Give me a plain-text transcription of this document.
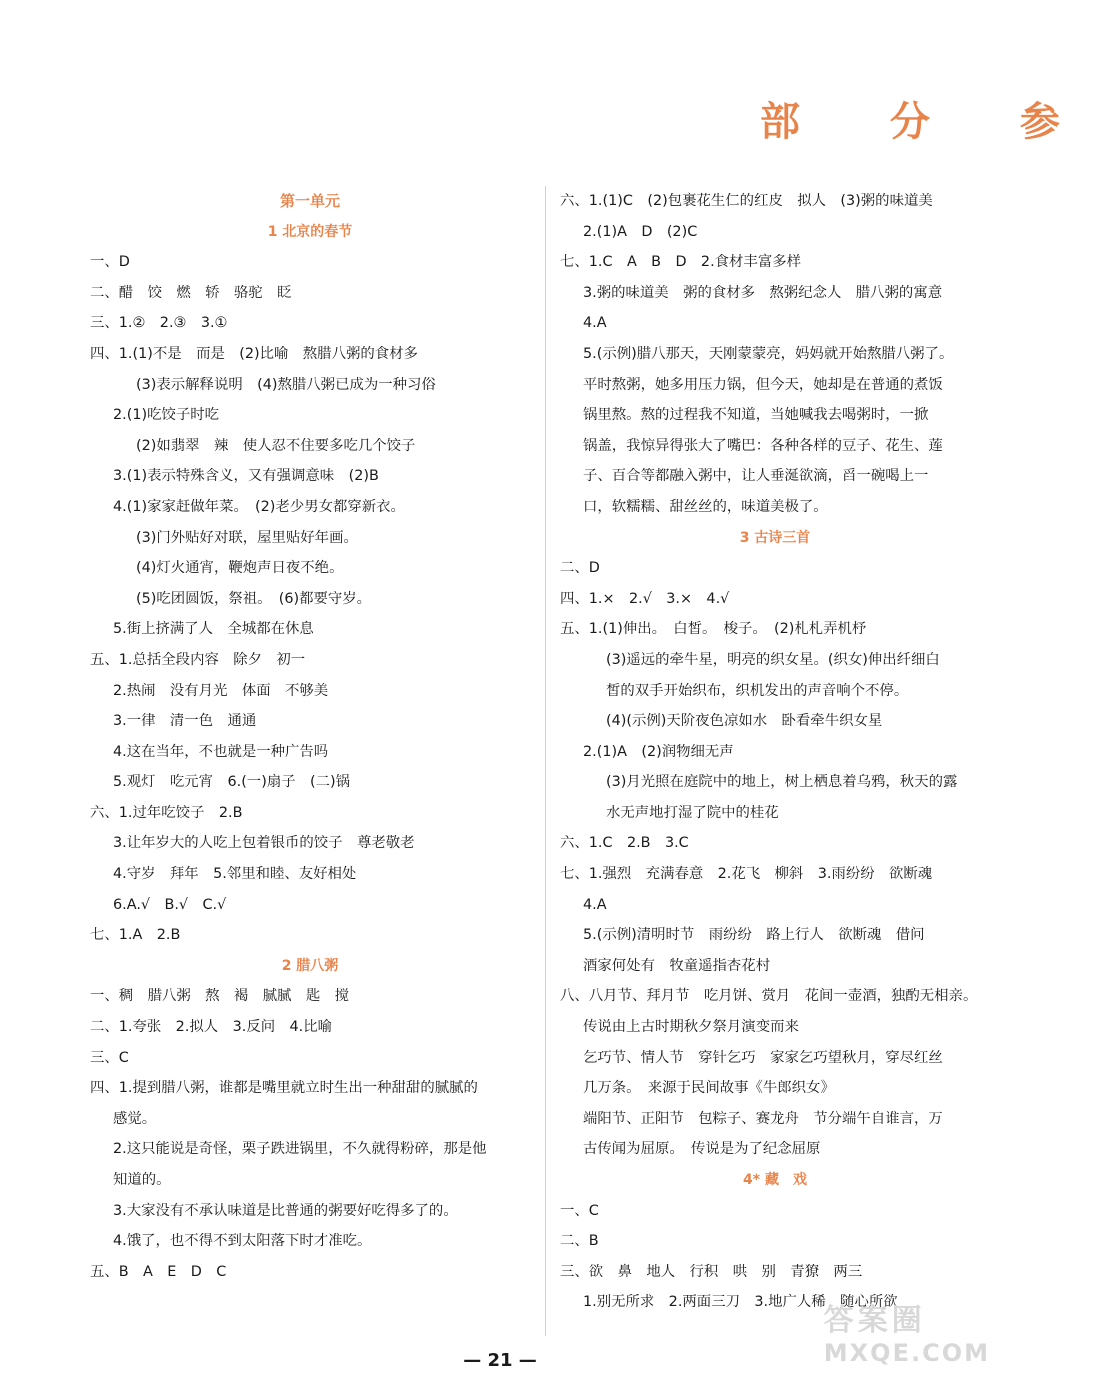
部 分 参
第一单元
1 北京的春节
一、D
二、醋　饺　燃　轿　骆驼　眨
三、1.②　2.③　3.①
四、1.(1)不是　而是　(2)比喻　熬腊八粥的食材多
(3)表示解释说明　(4)熬腊八粥已成为一种习俗
2.(1)吃饺子时吃
(2)如翡翠　辣　使人忍不住要多吃几个饺子
3.(1)表示特殊含义，又有强调意味　(2)B
4.(1)家家赶做年菜。　(2)老少男女都穿新衣。
(3)门外贴好对联，屋里贴好年画。
(4)灯火通宵，鞭炮声日夜不绝。
(5)吃团圆饭，祭祖。　(6)都要守岁。
5.街上挤满了人　全城都在休息
五、1.总括全段内容　除夕　初一
2.热闹　没有月光　体面　不够美
3.一律　清一色　通通
4.这在当年，不也就是一种广告吗
5.观灯　吃元宵　6.(一)扇子　(二)锅
六、1.过年吃饺子　2.B
3.让年岁大的人吃上包着银币的饺子　尊老敬老
4.守岁　拜年　5.邻里和睦、友好相处
6.A.√　B.√　C.√
七、1.A　2.B
2 腊八粥
一、稠　腊八粥　熬　褐　腻腻　匙　搅
二、1.夸张　2.拟人　3.反问　4.比喻
三、C
四、1.提到腊八粥，谁都是嘴里就立时生出一种甜甜的腻腻的
感觉。
2.这只能说是奇怪，栗子跌进锅里，不久就得粉碎，那是他
知道的。
3.大家没有不承认味道是比普通的粥要好吃得多了的。
4.饿了，也不得不到太阳落下时才准吃。
五、B　A　E　D　C
六、1.(1)C　(2)包裹花生仁的红皮　拟人　(3)粥的味道美
2.(1)A　D　(2)C
七、1.C　A　B　D　2.食材丰富多样
3.粥的味道美　粥的食材多　熬粥纪念人　腊八粥的寓意
4.A
5.(示例)腊八那天，天刚蒙蒙亮，妈妈就开始熬腊八粥了。
平时熬粥，她多用压力锅，但今天，她却是在普通的煮饭
锅里熬。熬的过程我不知道，当她喊我去喝粥时，一掀
锅盖，我惊异得张大了嘴巴：各种各样的豆子、花生、莲
子、百合等都融入粥中，让人垂涎欲滴，舀一碗喝上一
口，软糯糯、甜丝丝的，味道美极了。
3 古诗三首
二、D
四、1.×　2.√　3.×　4.√
五、1.(1)伸出。　白皙。　梭子。　(2)札札弄机杼
(3)遥远的牵牛星，明亮的织女星。(织女)伸出纤细白
皙的双手开始织布，织机发出的声音响个不停。
(4)(示例)天阶夜色凉如水　卧看牵牛织女星
2.(1)A　(2)润物细无声
(3)月光照在庭院中的地上，树上栖息着乌鸦，秋天的露
水无声地打湿了院中的桂花
六、1.C　2.B　3.C
七、1.强烈　充满春意　2.花飞　柳斜　3.雨纷纷　欲断魂
4.A
5.(示例)清明时节　雨纷纷　路上行人　欲断魂　借问
酒家何处有　牧童遥指杏花村
八、八月节、拜月节　吃月饼、赏月　花间一壶酒，独酌无相亲。
传说由上古时期秋夕祭月演变而来
乞巧节、情人节　穿针乞巧　家家乞巧望秋月，穿尽红丝
几万条。　来源于民间故事《牛郎织女》
端阳节、正阳节　包粽子、赛龙舟　节分端午自谁言，万
古传闻为屈原。　传说是为了纪念屈原
4* 藏　戏
一、C
二、B
三、欲　鼻　地人　行积　哄　别　青獠　两三
1.别无所求　2.两面三刀　3.地广人稀　随心所欲
— 21 —
答案圈
MXQE.COM
